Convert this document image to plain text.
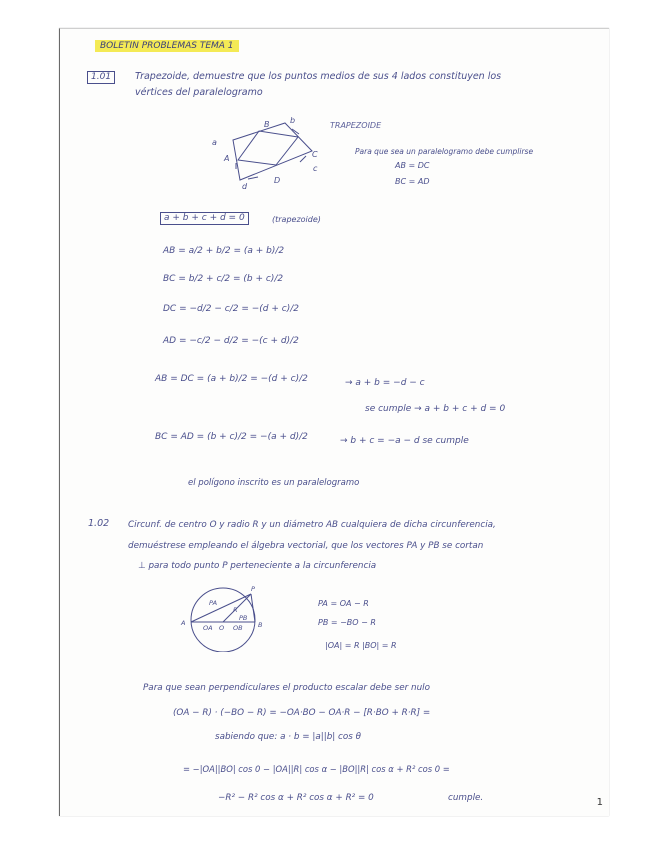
BOLETIN PROBLEMAS TEMA 1
1.01	Trapezoide, demuestre que los puntos medios de sus 4 lados constituyen los
vértices del paralelogramo
a
A
B	b
C
c
D
d
TRAPEZOIDE
Para que sea un paralelogramo debe cumplirse
AB = DC
BC = AD
a + b + c + d = 0	(trapezoide)
AB = a/2 + b/2 = (a + b)/2
BC = b/2 + c/2 = (b + c)/2
DC = −d/2 − c/2 = −(d + c)/2
AD = −c/2 − d/2 = −(c + d)/2
AB = DC = (a + b)/2 = −(d + c)/2	→ a + b = −d − c
se cumple → a + b + c + d = 0
BC = AD = (b + c)/2 = −(a + d)/2	→ b + c = −a − d se cumple
el polígono inscrito es un paralelogramo
1.02 Circunf. de centro O y radio R y un diámetro AB cualquiera de dicha circunferencia,
demuéstrese empleando el álgebra vectorial, que los vectores PA y PB se cortan
⊥ para todo punto P perteneciente a la circunferencia
A	B
P
O
PA
R
PB
OA	OB
PA = OA − R
PB = −BO − R
|OA| = R |BO| = R
Para que sean perpendiculares el producto escalar debe ser nulo
(OA − R) · (−BO − R) = −OA·BO − OA·R − [R·BO + R·R] =
sabiendo que: a · b = |a||b| cos θ
= −|OA||BO| cos 0 − |OA||R| cos α − |BO||R| cos α + R² cos 0 =
−R² − R² cos α + R² cos α + R² = 0	cumple.	1
